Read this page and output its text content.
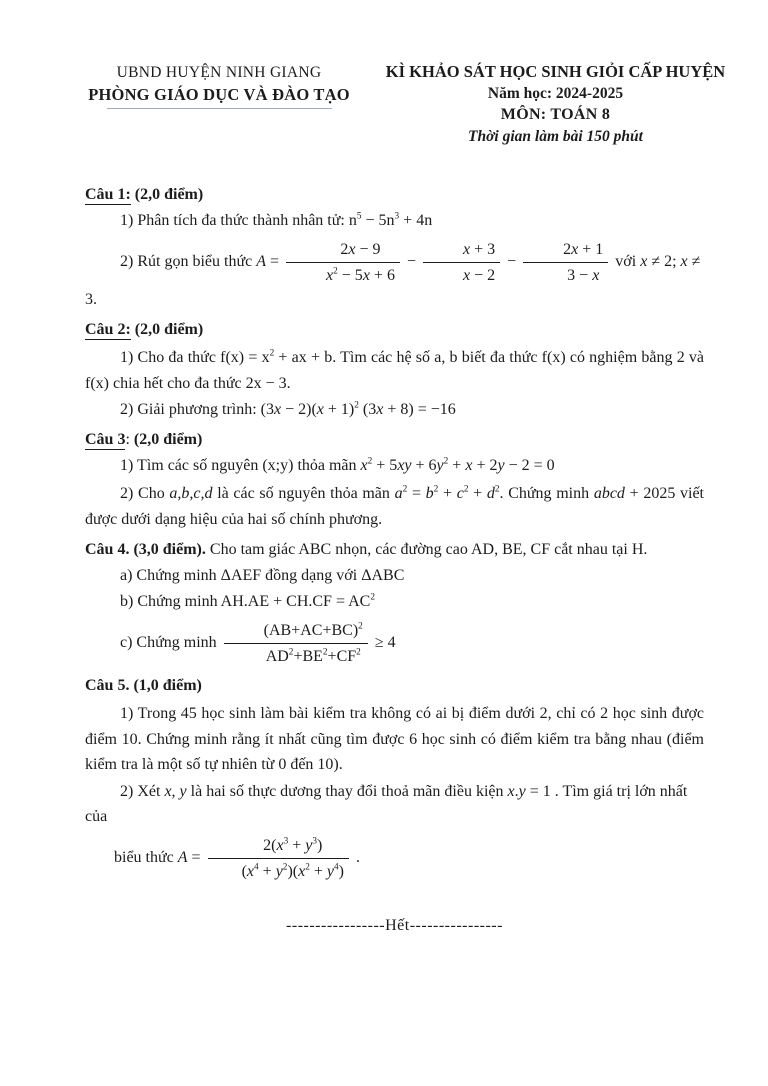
UBND HUYỆN NINH GIANG
PHÒNG GIÁO DỤC VÀ ĐÀO TẠO
KÌ KHẢO SÁT HỌC SINH GIỎI CẤP HUYỆN
Năm học: 2024-2025
MÔN: TOÁN 8
Thời gian làm bài 150 phút

Câu 1: (2,0 điểm)

1) Phân tích đa thức thành nhân tử: $n^5 - 5n^3 + 4n$

2) Rút gọn biểu thức $A = \frac{2x - 9}{x^2 - 5x + 6} - \frac{x + 3}{x - 2} - \frac{2x + 1}{3 - x}$ với x ≠ 2; x ≠ 3.

Câu 2: (2,0 điểm)

1) Cho đa thức $f(x) = x^2$ + ax + b. Tìm các hệ số a, b biết đa thức f(x) có nghiệm bằng 2 và f(x) chia hết cho đa thức 2x − 3.

2) Giải phương trình: $(3x - 2)(x + 1)^2$ (3x + 8) = −16

Câu 3: (2,0 điểm)

1) Tìm các số nguyên (x;y) thỏa mãn $x^2 + 5xy + 6y^2 + x + 2y - 2 = 0$

2) Cho a,b,c,d là các số nguyên thỏa mãn $a^2 = b^2 + c^2 + d^2$. Chứng minh abcd + 2025 viết được dưới dạng hiệu của hai số chính phương.

Câu 4. (3,0 điểm). Cho tam giác ABC nhọn, các đường cao AD, BE, CF cắt nhau tại H.

a) Chứng minh ΔAEF đồng dạng với ΔABC

b) Chứng minh $AH.AE + CH.CF = AC^2$

c) Chứng minh $\frac{(AB+AC+BC)^2}{AD^2+BE^2+CF^2} \ge 4$

Câu 5. (1,0 điểm)

1) Trong 45 học sinh làm bài kiểm tra không có ai bị điểm dưới 2, chỉ có 2 học sinh được điểm 10. Chứng minh rằng ít nhất cũng tìm được 6 học sinh có điểm kiểm tra bằng nhau (điểm kiểm tra là một số tự nhiên từ 0 đến 10).

2) Xét x, y là hai số thực dương thay đổi thoả mãn điều kiện x.y = 1 . Tìm giá trị lớn nhất của

biểu thức $A = \frac{2(x^3 + y^3)}{(x^4 + y^2)(x^2 + y^4)}$ .

-----------------Hết----------------
